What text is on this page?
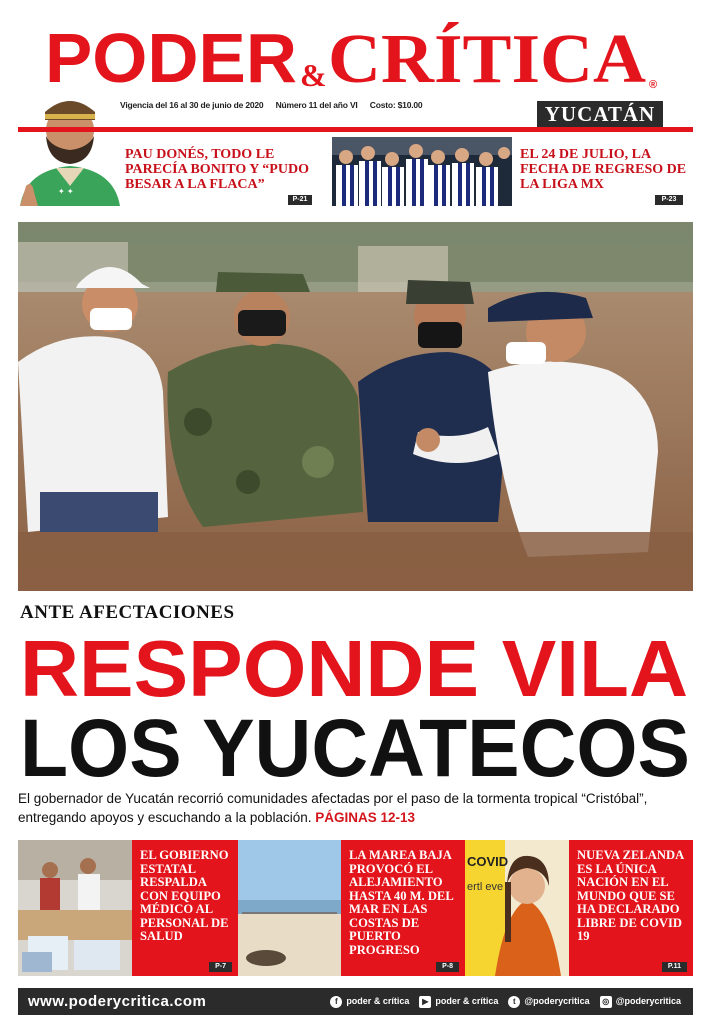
PODER & CRÍTICA ®
✦ ✦
Vigencia del 16 al 30 de junio de 2020 Número 11 del año VI Costo: $10.00	YUCATÁN
PAU DONÉS, TODO LE PARECÍA BONITO Y “PUDO BESAR A LA FLACA”
P-21
EL 24 DE JULIO, LA FECHA DE REGRESO DE LA LIGA MX
P-23
ANTE AFECTACIONES
RESPONDE VILA
LOS YUCATECOS
El gobernador de Yucatán recorrió comunidades afectadas por el paso de la tormenta tropical “Cristóbal”, entregando apoyos y escuchando a la población. PÁGINAS 12-13
EL GOBIERNO ESTATAL RESPALDA CON EQUIPO MÉDICO AL PERSONAL DE SALUD
P-7
LA MAREA BAJA PROVOCÓ EL ALEJAMIENTO HASTA 40 M. DEL MAR EN LAS COSTAS DE PUERTO PROGRESO
P-8
COVID
ertl eve
NUEVA ZELANDA ES LA ÚNICA NACIÓN EN EL MUNDO QUE SE HA DECLARADO LIBRE DE COVID 19
P.11
www.poderycritica.com	f poder & crítica	▶ poder & crítica	t @poderycritica	◎ @poderycritica
